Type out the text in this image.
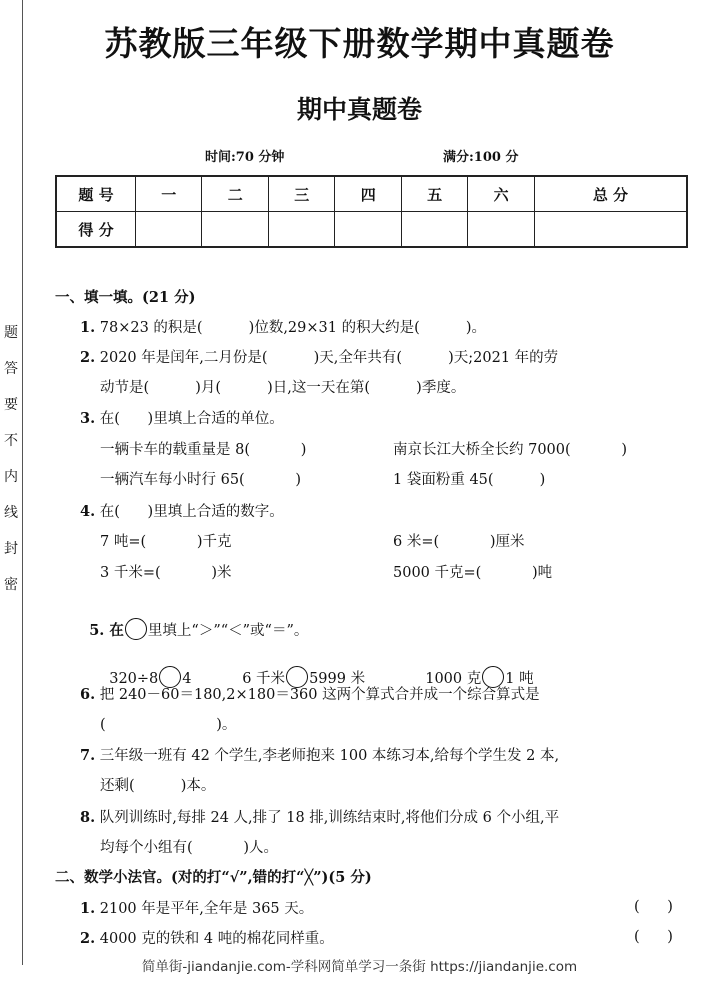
题
答
要
不
内
线
封
密
苏教版三年级下册数学期中真题卷
期中真题卷
时间:70 分钟	满分:100 分
题 号	一	二	三	四	五	六	总 分
得 分							
一、填一填。(21 分)
1. 78×23 的积是(          )位数,29×31 的积大约是(          )。
2. 2020 年是闰年,二月份是(          )天,全年共有(          )天;2021 年的劳
动节是(          )月(          )日,这一天在第(          )季度。
3. 在(      )里填上合适的单位。
一辆卡车的载重量是 8(           )	南京长江大桥全长约 7000(           )
一辆汽车每小时行 65(           )	1 袋面粉重 45(          )
4. 在(      )里填上合适的数字。
7 吨=(           )千克	6 米=(           )厘米
3 千米=(           )米	5000 千克=(           )吨
6. 把 240－60＝180,2×180＝360 这两个算式合并成一个综合算式是
(                        )。
7. 三年级一班有 42 个学生,李老师抱来 100 本练习本,给每个学生发 2 本,
还剩(          )本。
8. 队列训练时,每排 24 人,排了 18 排,训练结束时,将他们分成 6 个小组,平
均每个小组有(           )人。
二、数学小法官。(对的打“√”,错的打“╳”)(5 分)
1. 2100 年是平年,全年是 365 天。
2. 4000 克的铁和 4 吨的棉花同样重。

5. 在 里填上“＞”“＜”或“＝”。

320÷8 4	6 千米 5999 米	1000 克 1 吨

(      )
(      )
简单街-jiandanjie.com-学科网简单学习一条街 https://jiandanjie.com
